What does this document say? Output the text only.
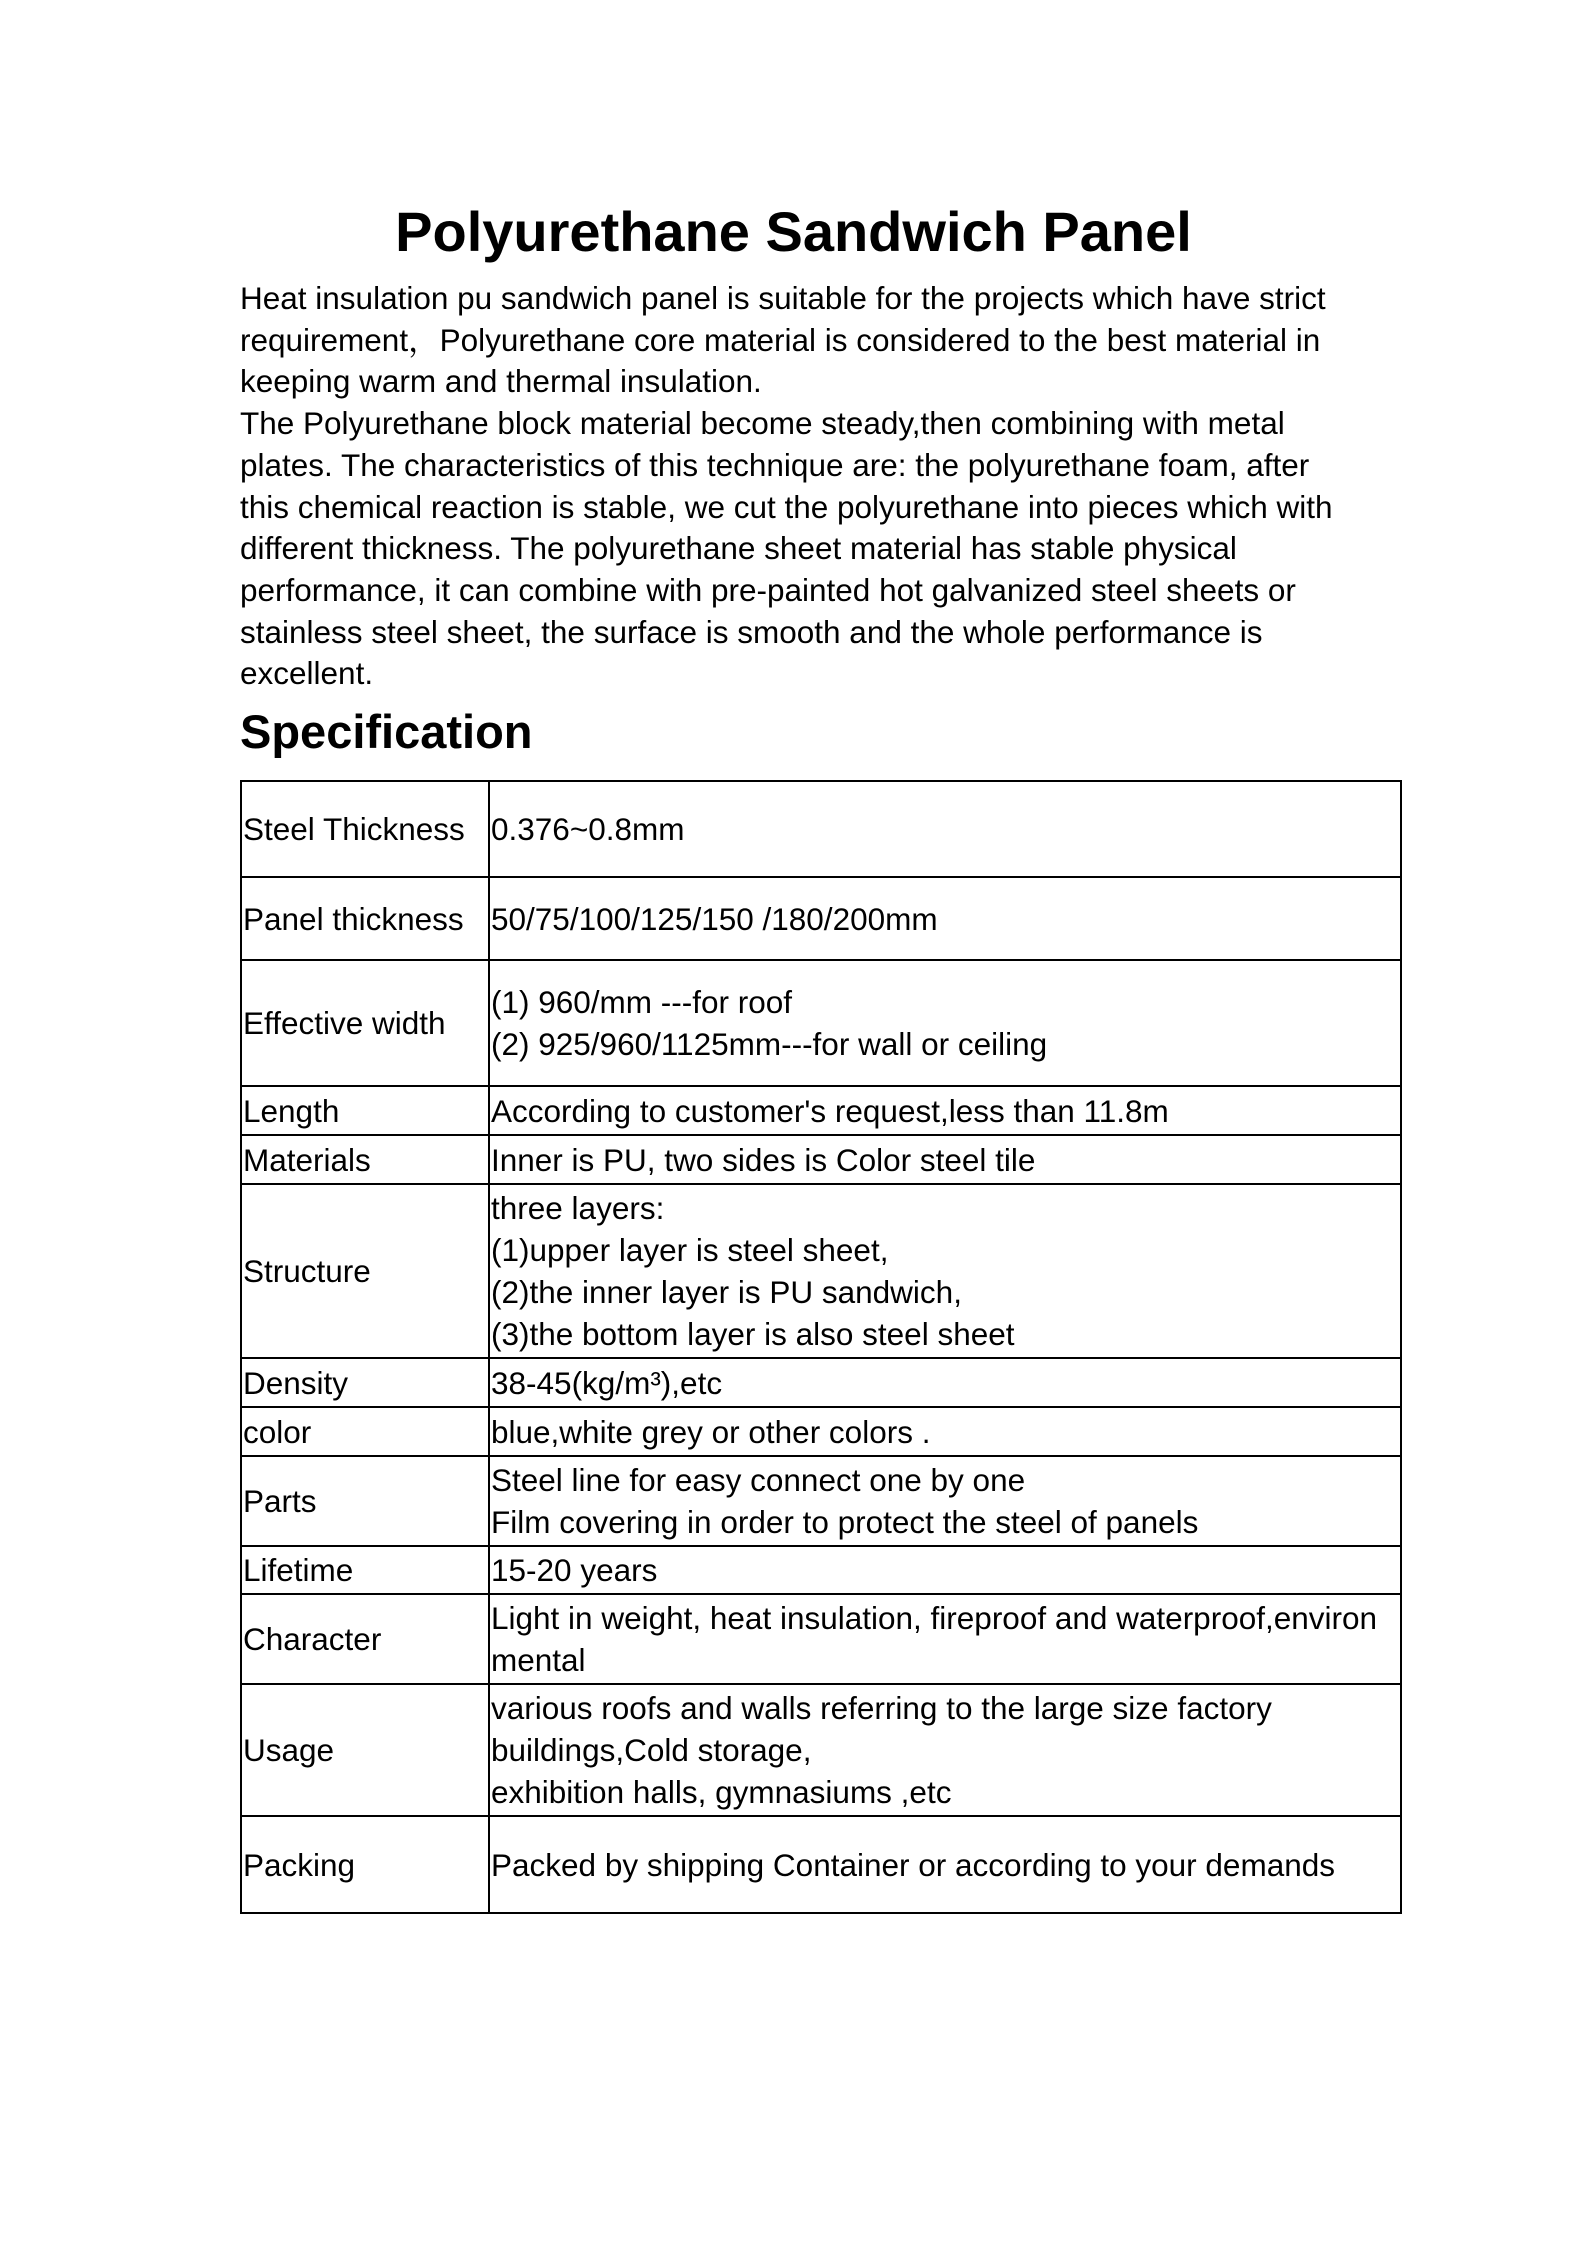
Polyurethane Sandwich Panel

Heat insulation pu sandwich panel is suitable for the projects which have strict
requirement，Polyurethane core material is considered to the best material in
keeping warm and thermal insulation.

The Polyurethane block material become steady,then combining with metal
plates. The characteristics of this technique are: the polyurethane foam, after
this chemical reaction is stable, we cut the polyurethane into pieces which with
different thickness. The polyurethane sheet material has stable physical
performance, it can combine with pre-painted hot galvanized steel sheets or
stainless steel sheet, the surface is smooth and the whole performance is
excellent.

Specification
Steel Thickness	0.376~0.8mm
Panel thickness	50/75/100/125/150 /180/200mm
Effective width	(1) 960/mm ---for roof
(2) 925/960/1125mm---for wall or ceiling
Length	According to customer's request,less than 11.8m
Materials	Inner is PU, two sides is Color steel tile
Structure	three layers:
(1)upper layer is steel sheet,
(2)the inner layer is PU sandwich,
(3)the bottom layer is also steel sheet
Density	38-45(kg/m³),etc
color	blue,white grey or other colors .
Parts	Steel line for easy connect one by one
Film covering in order to protect the steel of panels
Lifetime	15-20 years
Character	Light in weight, heat insulation, fireproof and waterproof,environ
mental
Usage	various roofs and walls referring to the large size factory
buildings,Cold storage,
exhibition halls, gymnasiums ,etc
Packing	Packed by shipping Container or according to your demands
